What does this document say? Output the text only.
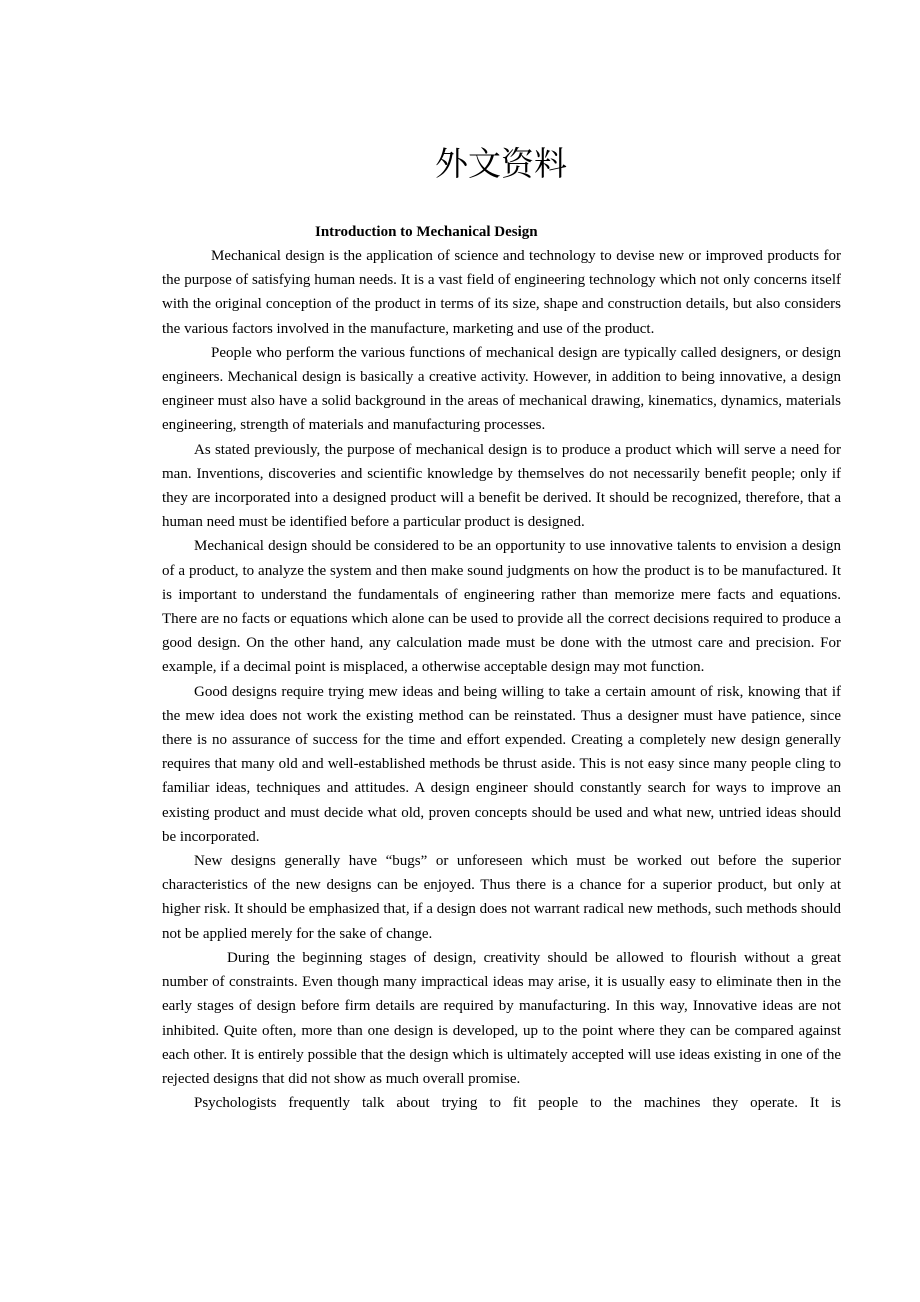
外文资料
Introduction to Mechanical Design

Mechanical design is the application of science and technology to devise new or improved products for the purpose of satisfying human needs. It is a vast field of engineering technology which not only concerns itself with the original conception of the product in terms of its size, shape and construction details, but also considers the various factors involved in the manufacture, marketing and use of the product.

People who perform the various functions of mechanical design are typically called designers, or design engineers. Mechanical design is basically a creative activity. However, in addition to being innovative, a design engineer must also have a solid background in the areas of mechanical drawing, kinematics, dynamics, materials engineering, strength of materials and manufacturing processes.

As stated previously, the purpose of mechanical design is to produce a product which will serve a need for man. Inventions, discoveries and scientific knowledge by themselves do not necessarily benefit people; only if they are incorporated into a designed product will a benefit be derived. It should be recognized, therefore, that a human need must be identified before a particular product is designed.

Mechanical design should be considered to be an opportunity to use innovative talents to envision a design of a product, to analyze the system and then make sound judgments on how the product is to be manufactured. It is important to understand the fundamentals of engineering rather than memorize mere facts and equations. There are no facts or equations which alone can be used to provide all the correct decisions required to produce a good design. On the other hand, any calculation made must be done with the utmost care and precision. For example, if a decimal point is misplaced, a otherwise acceptable design may mot function.

Good designs require trying mew ideas and being willing to take a certain amount of risk, knowing that if the mew idea does not work the existing method can be reinstated. Thus a designer must have patience, since there is no assurance of success for the time and effort expended. Creating a completely new design generally requires that many old and well-established methods be thrust aside. This is not easy since many people cling to familiar ideas, techniques and attitudes. A design engineer should constantly search for ways to improve an existing product and must decide what old, proven concepts should be used and what new, untried ideas should be incorporated.

New designs generally have “bugs” or unforeseen which must be worked out before the superior characteristics of the new designs can be enjoyed. Thus there is a chance for a superior product, but only at higher risk. It should be emphasized that, if a design does not warrant radical new methods, such methods should not be applied merely for the sake of change.

During the beginning stages of design, creativity should be allowed to flourish without a great number of constraints. Even though many impractical ideas may arise, it is usually easy to eliminate then in the early stages of design before firm details are required by manufacturing. In this way, Innovative ideas are not inhibited. Quite often, more than one design is developed, up to the point where they can be compared against each other. It is entirely possible that the design which is ultimately accepted will use ideas existing in one of the rejected designs that did not show as much overall promise.

Psychologists frequently talk about trying to fit people to the machines they operate. It is
